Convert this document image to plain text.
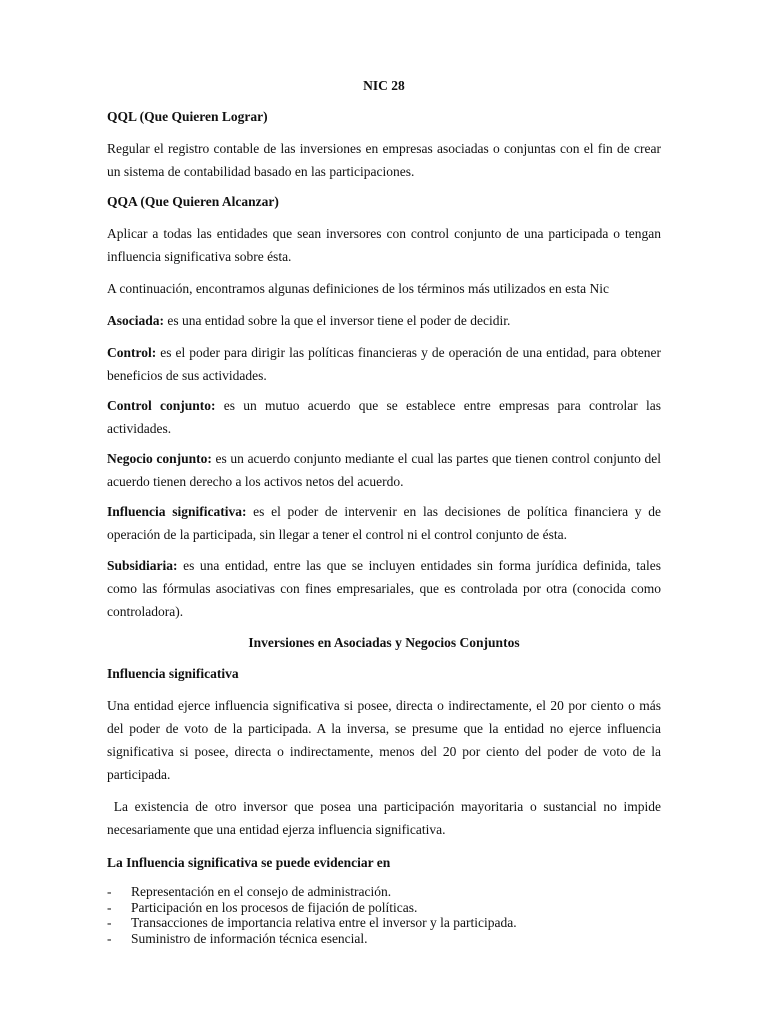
NIC 28

QQL (Que Quieren Lograr)

Regular el registro contable de las inversiones en empresas asociadas o conjuntas con el fin de crear un sistema de contabilidad basado en las participaciones.

QQA (Que Quieren Alcanzar)

Aplicar a todas las entidades que sean inversores con control conjunto de una participada o tengan influencia significativa sobre ésta.

A continuación, encontramos algunas definiciones de los términos más utilizados en esta Nic

Asociada: es una entidad sobre la que el inversor tiene el poder de decidir.

Control: es el poder para dirigir las políticas financieras y de operación de una entidad, para obtener beneficios de sus actividades.

Control conjunto: es un mutuo acuerdo que se establece entre empresas para controlar las actividades.

Negocio conjunto: es un acuerdo conjunto mediante el cual las partes que tienen control conjunto del acuerdo tienen derecho a los activos netos del acuerdo.

Influencia significativa: es el poder de intervenir en las decisiones de política financiera y de operación de la participada, sin llegar a tener el control ni el control conjunto de ésta.

Subsidiaria: es una entidad, entre las que se incluyen entidades sin forma jurídica definida, tales como las fórmulas asociativas con fines empresariales, que es controlada por otra (conocida como controladora).

Inversiones en Asociadas y Negocios Conjuntos

Influencia significativa

Una entidad ejerce influencia significativa si posee, directa o indirectamente, el 20 por ciento o más del poder de voto de la participada. A la inversa, se presume que la entidad no ejerce influencia significativa si posee, directa o indirectamente, menos del 20 por ciento del poder de voto de la participada.

La existencia de otro inversor que posea una participación mayoritaria o sustancial no impide necesariamente que una entidad ejerza influencia significativa.

La Influencia significativa se puede evidenciar en

- Representación en el consejo de administración.
- Participación en los procesos de fijación de políticas.
- Transacciones de importancia relativa entre el inversor y la participada.
- Suministro de información técnica esencial.
